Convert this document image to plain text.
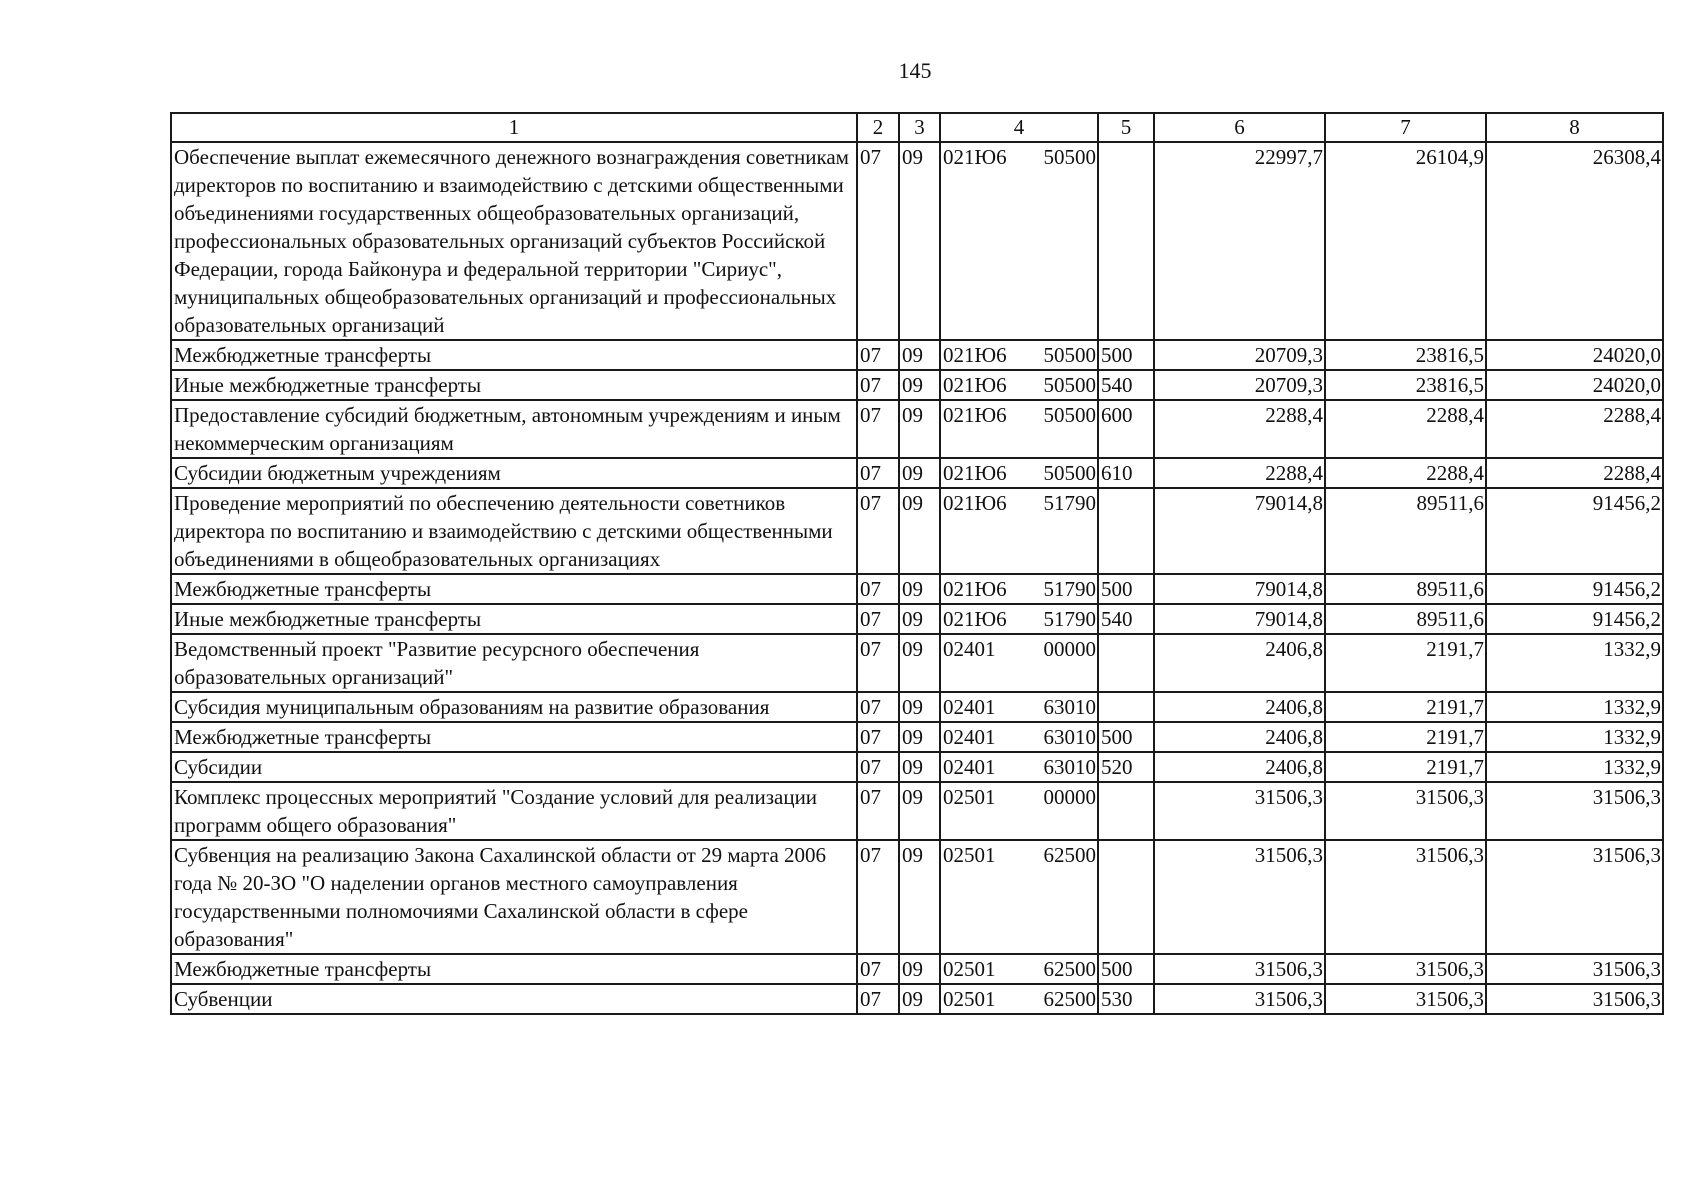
145
1	2	3	4	5	6	7	8
Обеспечение выплат ежемесячного денежного вознаграждения советникам директоров по воспитанию и взаимодействию с детскими общественными объединениями государственных общеобразовательных организаций, профессиональных образовательных организаций субъектов Российской Федерации, города Байконура и федеральной территории "Сириус", муниципальных общеобразовательных организаций и профессиональных образовательных организаций	07	09	021Ю6 50500		22997,7	26104,9	26308,4
Межбюджетные трансферты	07	09	021Ю6 50500	500	20709,3	23816,5	24020,0
Иные межбюджетные трансферты	07	09	021Ю6 50500	540	20709,3	23816,5	24020,0
Предоставление субсидий бюджетным, автономным учреждениям и иным некоммерческим организациям	07	09	021Ю6 50500	600	2288,4	2288,4	2288,4
Субсидии бюджетным учреждениям	07	09	021Ю6 50500	610	2288,4	2288,4	2288,4
Проведение мероприятий по обеспечению деятельности советников директора по воспитанию и взаимодействию с детскими общественными объединениями в общеобразовательных организациях	07	09	021Ю6 51790		79014,8	89511,6	91456,2
Межбюджетные трансферты	07	09	021Ю6 51790	500	79014,8	89511,6	91456,2
Иные межбюджетные трансферты	07	09	021Ю6 51790	540	79014,8	89511,6	91456,2
Ведомственный проект "Развитие ресурсного обеспечения образовательных организаций"	07	09	02401 00000		2406,8	2191,7	1332,9
Субсидия муниципальным образованиям на развитие образования	07	09	02401 63010		2406,8	2191,7	1332,9
Межбюджетные трансферты	07	09	02401 63010	500	2406,8	2191,7	1332,9
Субсидии	07	09	02401 63010	520	2406,8	2191,7	1332,9
Комплекс процессных мероприятий "Создание условий для реализации программ общего образования"	07	09	02501 00000		31506,3	31506,3	31506,3
Субвенция на реализацию Закона Сахалинской области от 29 марта 2006 года № 20-ЗО "О наделении органов местного самоуправления государственными полномочиями Сахалинской области в сфере образования"	07	09	02501 62500		31506,3	31506,3	31506,3
Межбюджетные трансферты	07	09	02501 62500	500	31506,3	31506,3	31506,3
Субвенции	07	09	02501 62500	530	31506,3	31506,3	31506,3
